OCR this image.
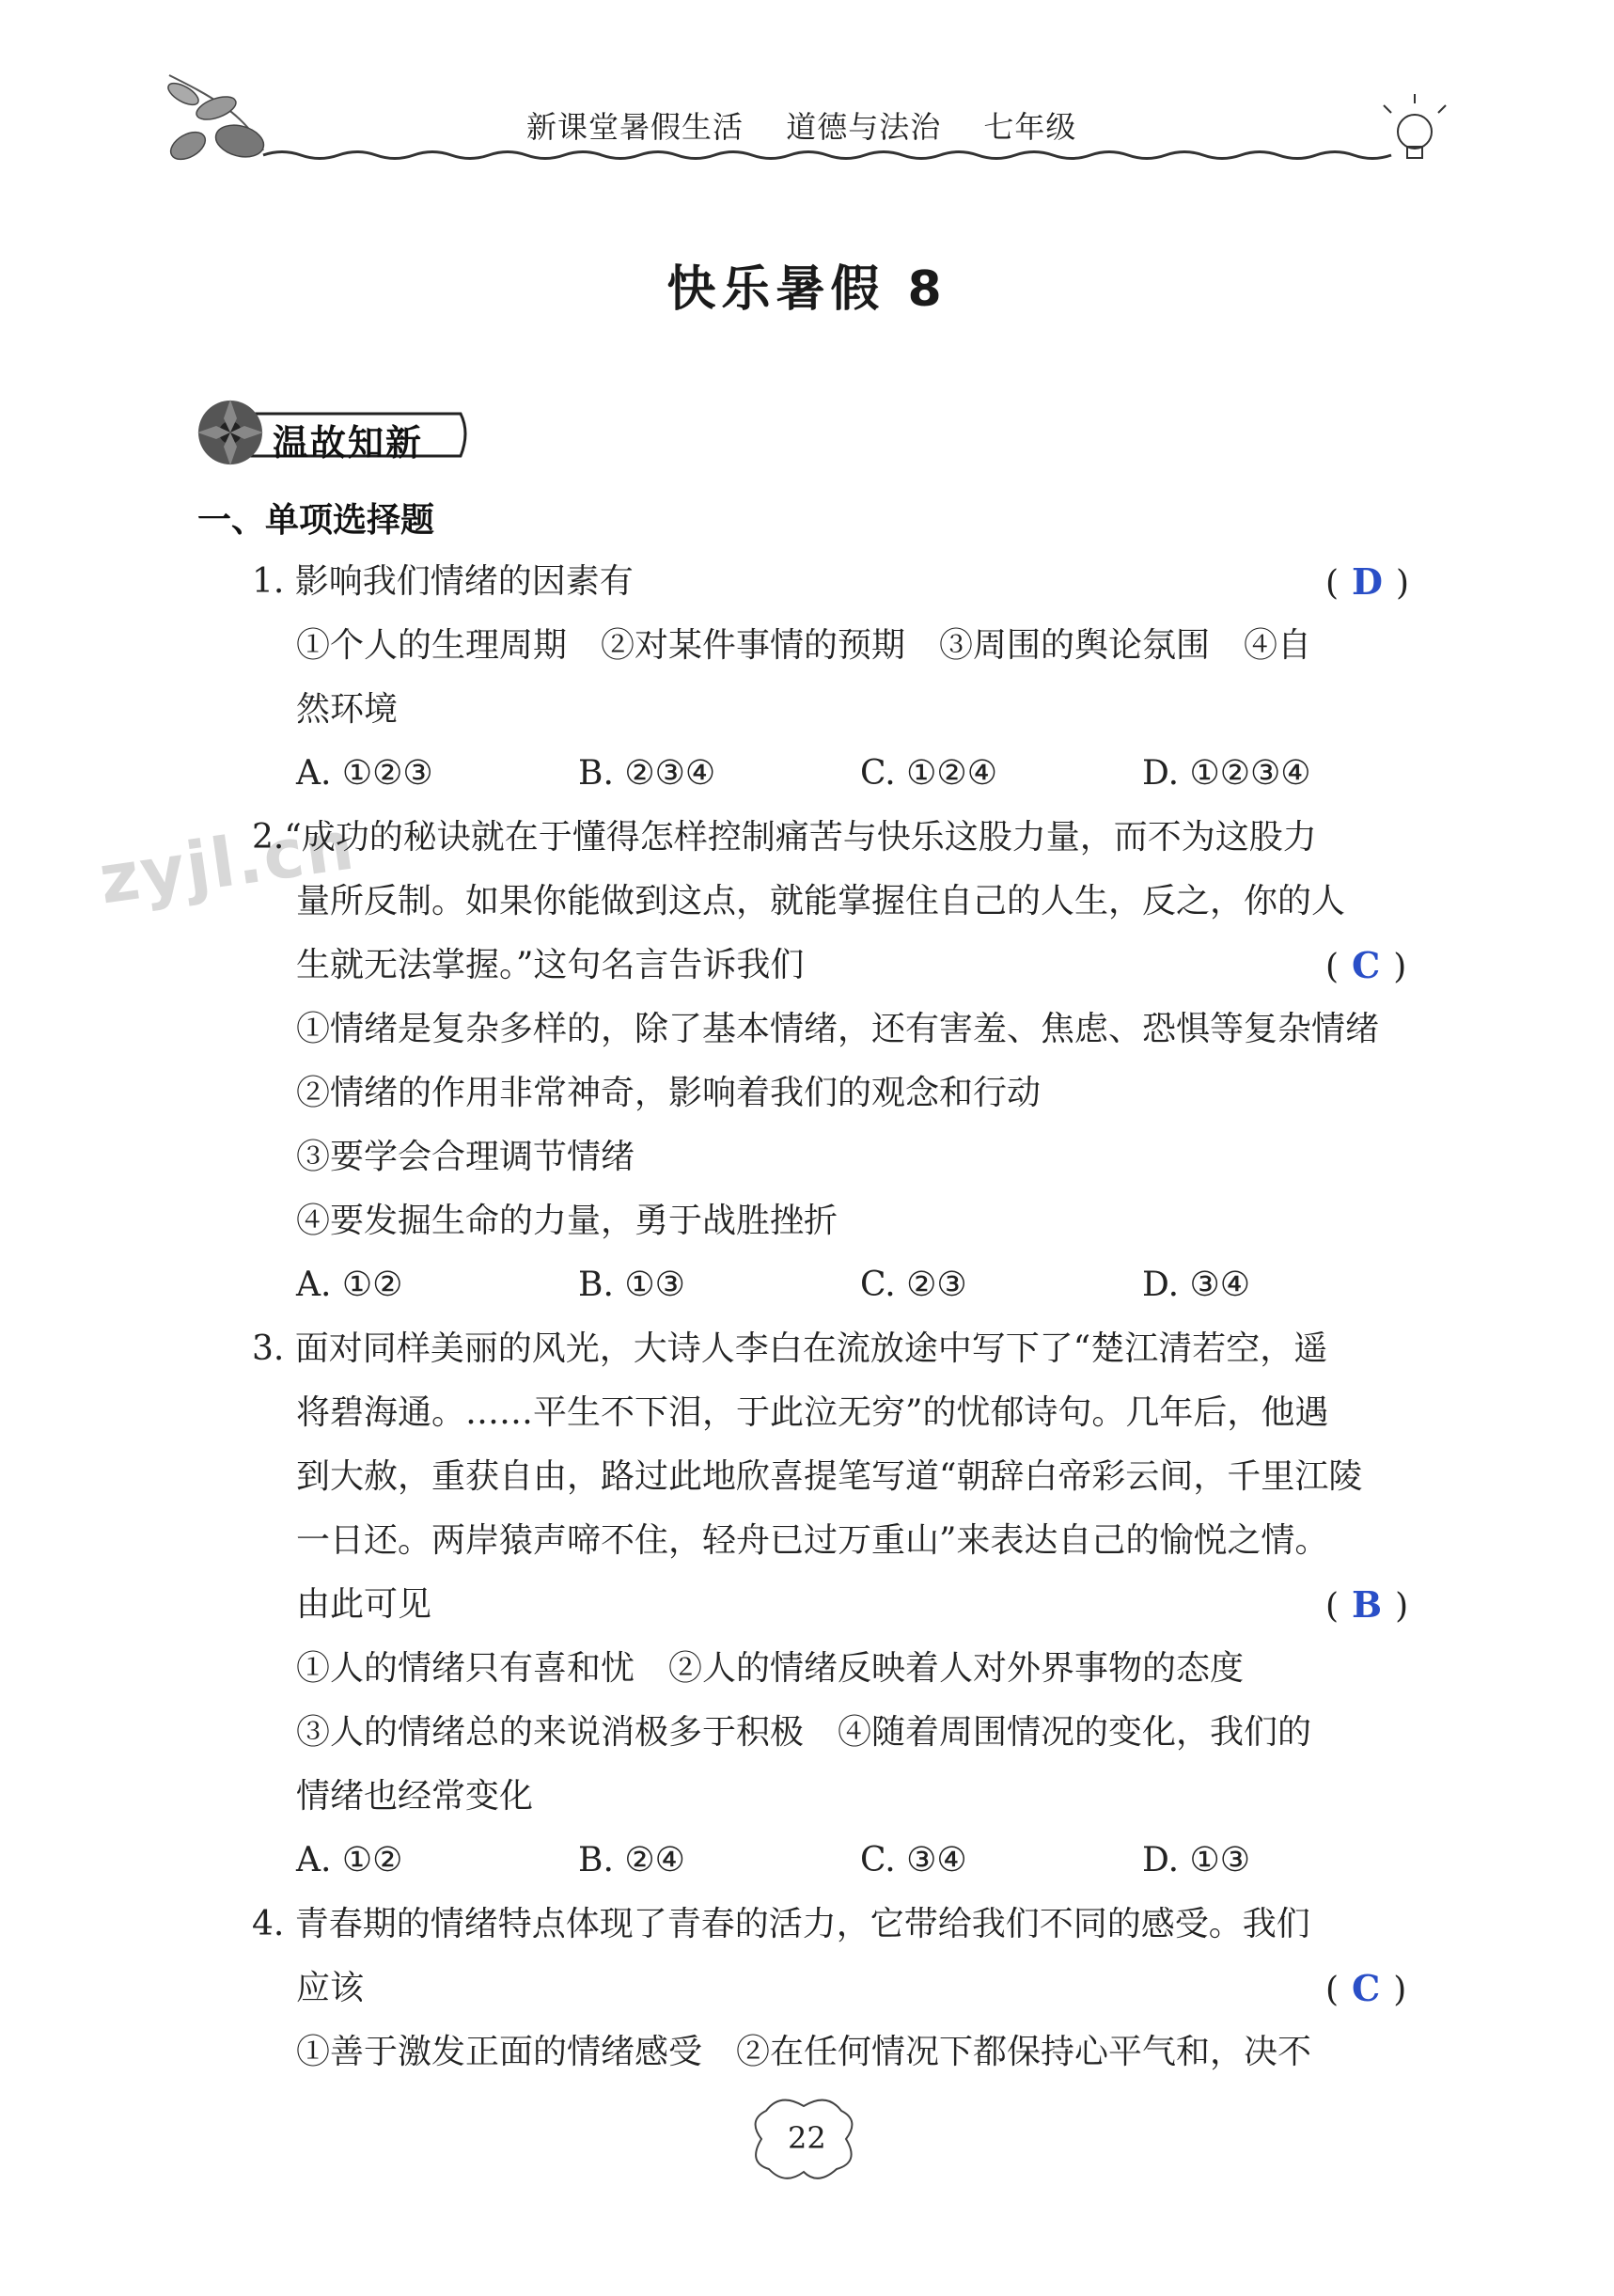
新课堂暑假生活 道德与法治 七年级
快乐暑假 8
温故知新
一、单项选择题
zyjl.cn
1. 影响我们情绪的因素有	( D )
①个人的生理周期　②对某件事情的预期　③周围的舆论氛围　④自
然环境
A. ①②③	B. ②③④	C. ①②④	D. ①②③④
2.“成功的秘诀就在于懂得怎样控制痛苦与快乐这股力量，而不为这股力
量所反制。如果你能做到这点，就能掌握住自己的人生，反之，你的人
生就无法掌握。”这句名言告诉我们	( C )
①情绪是复杂多样的，除了基本情绪，还有害羞、焦虑、恐惧等复杂情绪
②情绪的作用非常神奇，影响着我们的观念和行动
③要学会合理调节情绪
④要发掘生命的力量，勇于战胜挫折
A. ①②	B. ①③	C. ②③	D. ③④
3. 面对同样美丽的风光，大诗人李白在流放途中写下了“楚江清若空，遥
将碧海通。……平生不下泪，于此泣无穷”的忧郁诗句。几年后，他遇
到大赦，重获自由，路过此地欣喜提笔写道“朝辞白帝彩云间，千里江陵
一日还。两岸猿声啼不住，轻舟已过万重山”来表达自己的愉悦之情。
由此可见	( B )
①人的情绪只有喜和忧　②人的情绪反映着人对外界事物的态度
③人的情绪总的来说消极多于积极　④随着周围情况的变化，我们的
情绪也经常变化
A. ①②	B. ②④	C. ③④	D. ①③
4. 青春期的情绪特点体现了青春的活力，它带给我们不同的感受。我们
应该	( C )
①善于激发正面的情绪感受　②在任何情况下都保持心平气和，决不
22
